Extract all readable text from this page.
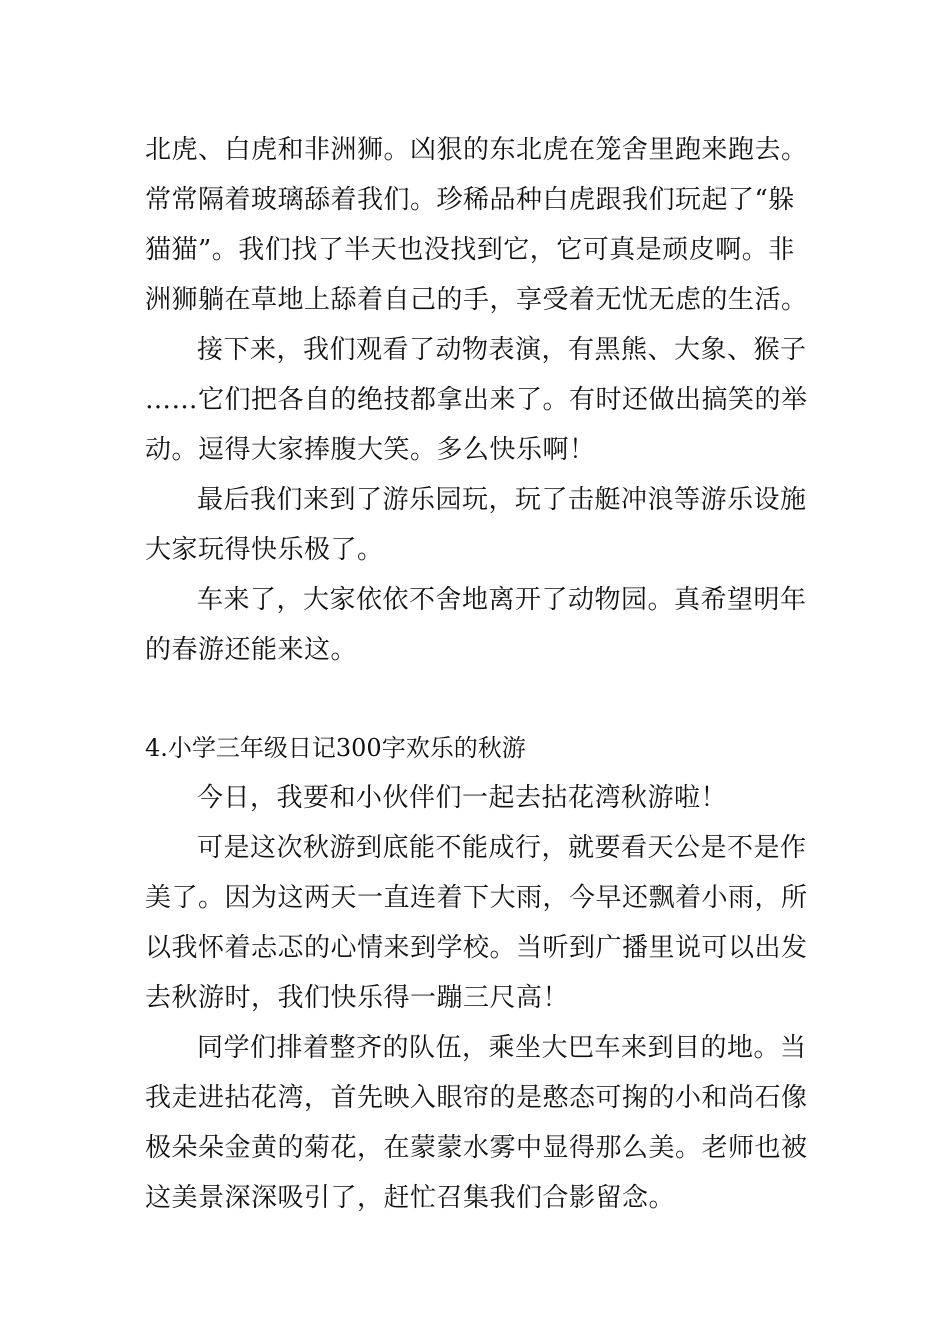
北虎、白虎和非洲狮。凶狠的东北虎在笼舍里跑来跑去。
常常隔着玻璃舔着我们。珍稀品种白虎跟我们玩起了“躲
猫猫”。我们找了半天也没找到它，它可真是顽皮啊。非
洲狮躺在草地上舔着自己的手，享受着无忧无虑的生活。
接下来，我们观看了动物表演，有黑熊、大象、猴子
……它们把各自的绝技都拿出来了。有时还做出搞笑的举
动。逗得大家捧腹大笑。多么快乐啊！
最后我们来到了游乐园玩，玩了击艇冲浪等游乐设施
大家玩得快乐极了。
车来了，大家依依不舍地离开了动物园。真希望明年
的春游还能来这。
4.小学三年级日记300字欢乐的秋游
今日，我要和小伙伴们一起去拈花湾秋游啦！
可是这次秋游到底能不能成行，就要看天公是不是作
美了。因为这两天一直连着下大雨，今早还飘着小雨，所
以我怀着忐忑的心情来到学校。当听到广播里说可以出发
去秋游时，我们快乐得一蹦三尺高！
同学们排着整齐的队伍，乘坐大巴车来到目的地。当
我走进拈花湾，首先映入眼帘的是憨态可掬的小和尚石像
极朵朵金黄的菊花，在蒙蒙水雾中显得那么美。老师也被
这美景深深吸引了，赶忙召集我们合影留念。
